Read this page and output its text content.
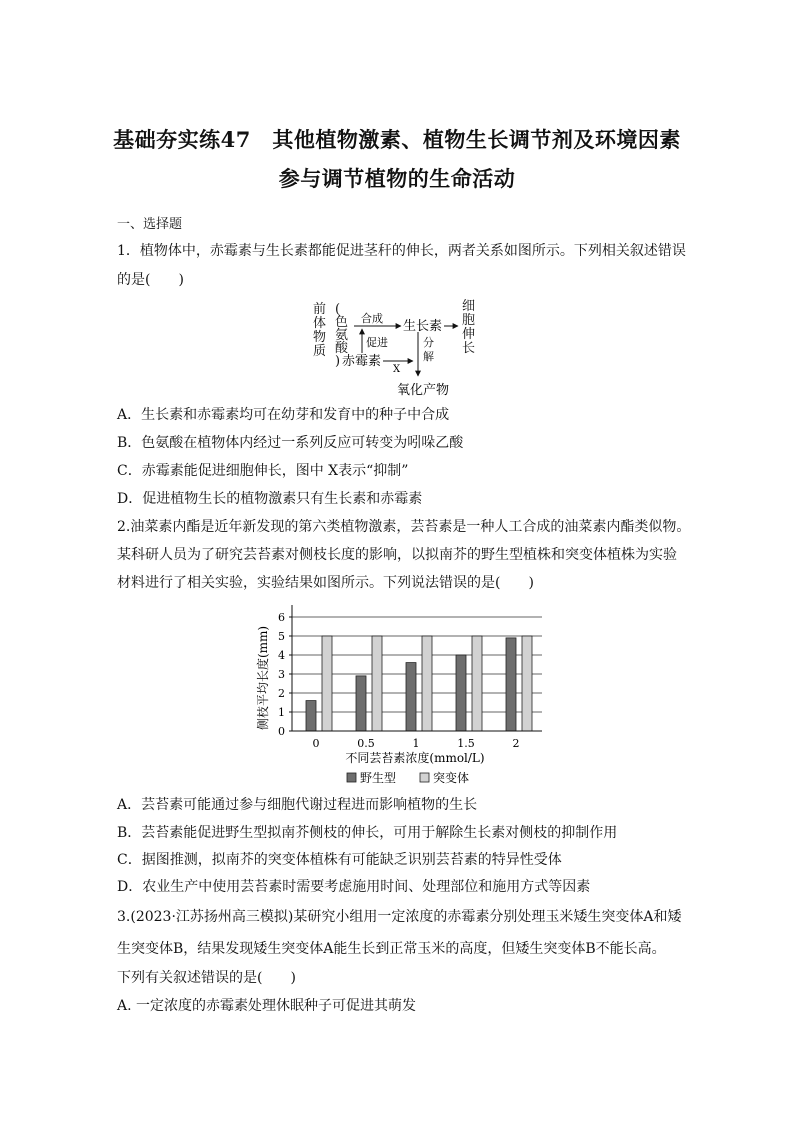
基础夯实练47　其他植物激素、植物生长调节剂及环境因素
参与调节植物的生命活动
一、选择题
1．植物体中，赤霉素与生长素都能促进茎秆的伸长，两者关系如图所示。下列相关叙述错误
的是(　　)
前体物质
(色氨酸)
合成
生长素
细胞伸长
促进
赤霉素
X
分解
氧化产物
A．生长素和赤霉素均可在幼芽和发育中的种子中合成
B．色氨酸在植物体内经过一系列反应可转变为吲哚乙酸
C．赤霉素能促进细胞伸长，图中 X表示“抑制”
D．促进植物生长的植物激素只有生长素和赤霉素
2.油菜素内酯是近年新发现的第六类植物激素，芸苔素是一种人工合成的油菜素内酯类似物。
某科研人员为了研究芸苔素对侧枝长度的影响，以拟南芥的野生型植株和突变体植株为实验
材料进行了相关实验，实验结果如图所示。下列说法错误的是(　　)
0
1
2
3
4
5
6
0	0.5	1	1.5	2
不同芸苔素浓度(mmol/L)
侧枝平均长度(mm)
野生型	突变体
A．芸苔素可能通过参与细胞代谢过程进而影响植物的生长
B．芸苔素能促进野生型拟南芥侧枝的伸长，可用于解除生长素对侧枝的抑制作用
C．据图推测，拟南芥的突变体植株有可能缺乏识别芸苔素的特异性受体
D．农业生产中使用芸苔素时需要考虑施用时间、处理部位和施用方式等因素
3.(2023·江苏扬州高三模拟)某研究小组用一定浓度的赤霉素分别处理玉米矮生突变体A和矮
生突变体B，结果发现矮生突变体A能生长到正常玉米的高度，但矮生突变体B不能长高。
下列有关叙述错误的是(　　)
A. 一定浓度的赤霉素处理休眠种子可促进其萌发
